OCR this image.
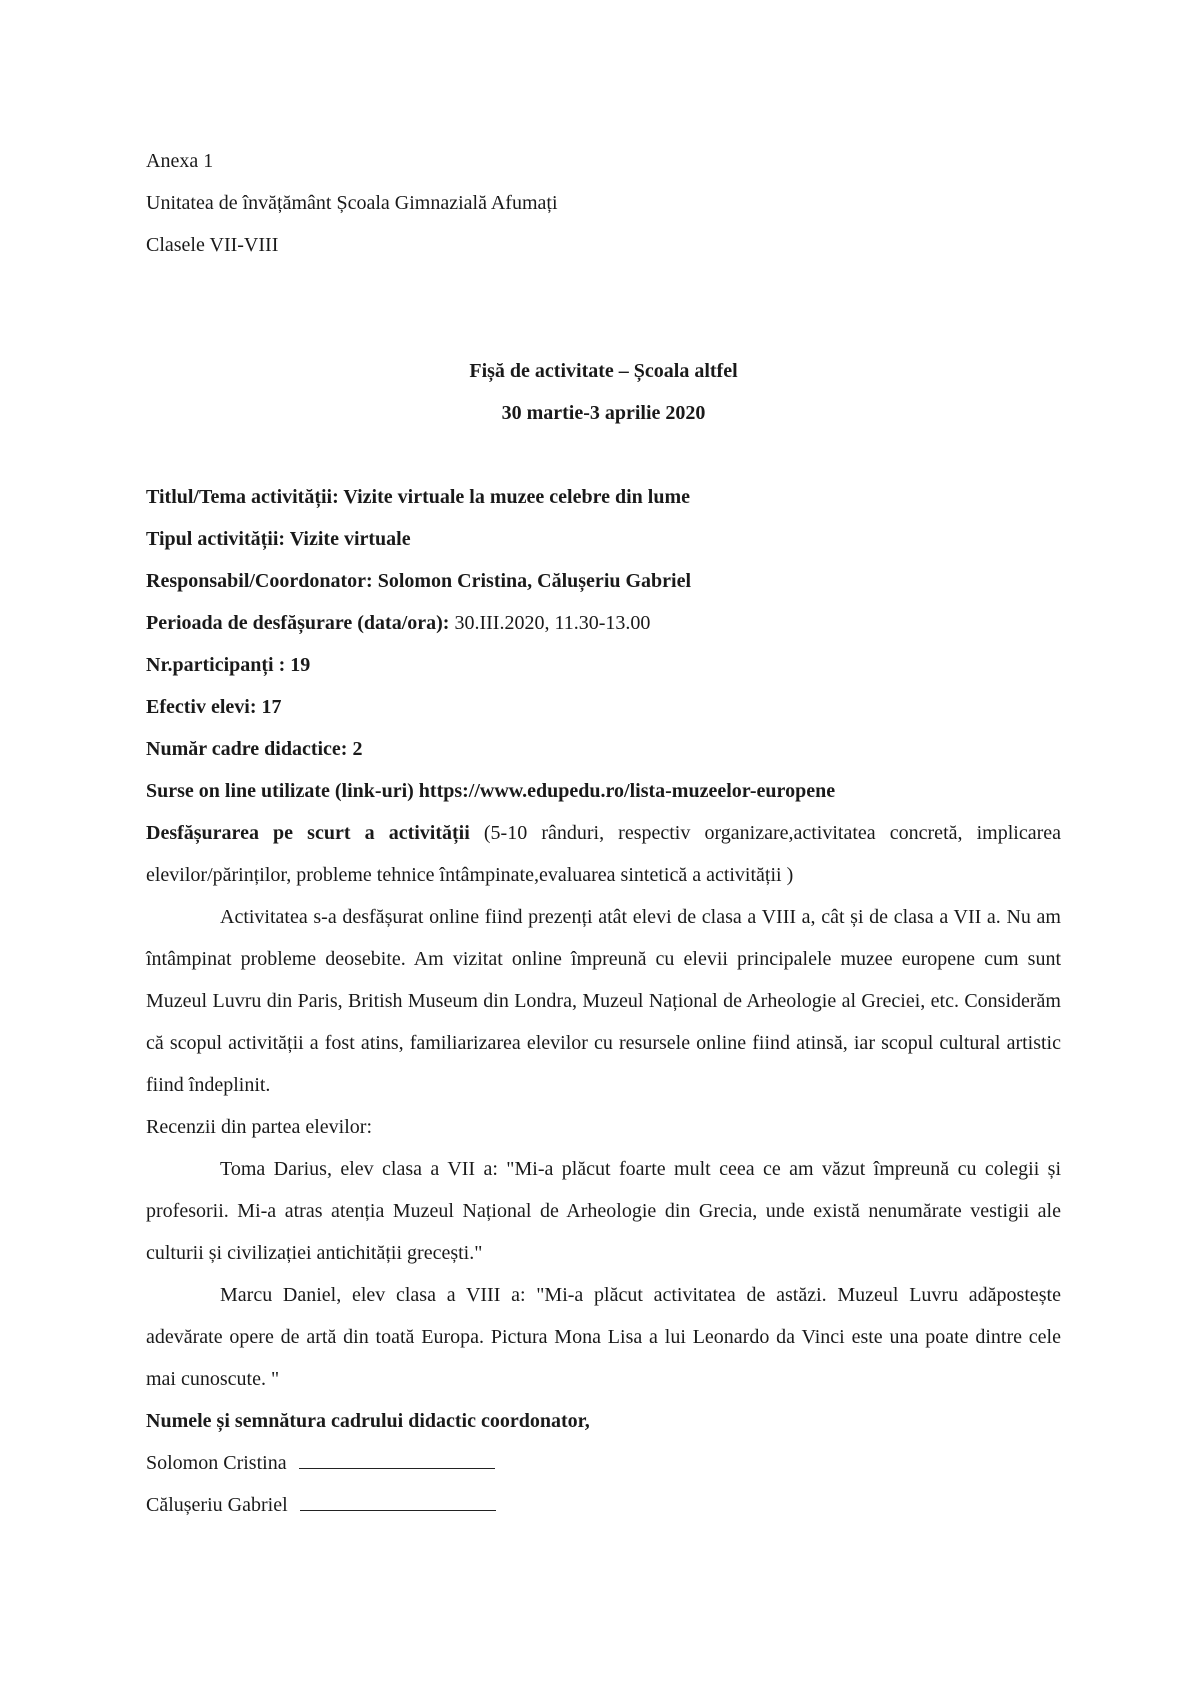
Anexa 1
Unitatea de învățământ Școala Gimnazială Afumați
Clasele VII-VIII
Fișă de activitate – Școala altfel
30 martie-3 aprilie 2020
Titlul/Tema activității: Vizite virtuale la muzee celebre din lume
Tipul activității: Vizite virtuale
Responsabil/Coordonator: Solomon Cristina, Călușeriu Gabriel
Perioada de desfășurare (data/ora): 30.III.2020, 11.30-13.00
Nr.participanți : 19
Efectiv elevi: 17
Număr cadre didactice: 2
Surse on line utilizate (link-uri) https://www.edupedu.ro/lista-muzeelor-europene
Desfășurarea pe scurt a activității (5-10 rânduri, respectiv organizare,activitatea concretă, implicarea elevilor/părinților, probleme tehnice întâmpinate,evaluarea sintetică a activității )
Activitatea s-a desfășurat online fiind prezenți atât elevi de clasa a VIII a, cât și de clasa a VII a. Nu am întâmpinat probleme deosebite. Am vizitat online împreună cu elevii principalele muzee europene cum sunt Muzeul Luvru din Paris, British Museum din Londra, Muzeul Național de Arheologie al Greciei, etc. Considerăm că scopul activității a fost atins, familiarizarea elevilor cu resursele online fiind atinsă, iar scopul cultural artistic fiind îndeplinit.
Recenzii din partea elevilor:
Toma Darius, elev clasa a VII a: "Mi-a plăcut foarte mult ceea ce am văzut împreună cu colegii și profesorii. Mi-a atras atenția Muzeul Național de Arheologie din Grecia, unde există nenumărate vestigii ale culturii și civilizației antichității grecești."
Marcu Daniel, elev clasa a VIII a: "Mi-a plăcut activitatea de astăzi. Muzeul Luvru adăpostește adevărate opere de artă din toată Europa. Pictura Mona Lisa a lui Leonardo da Vinci este una poate dintre cele mai cunoscute. "
Numele și semnătura cadrului didactic coordonator,
Solomon Cristina
Călușeriu Gabriel
